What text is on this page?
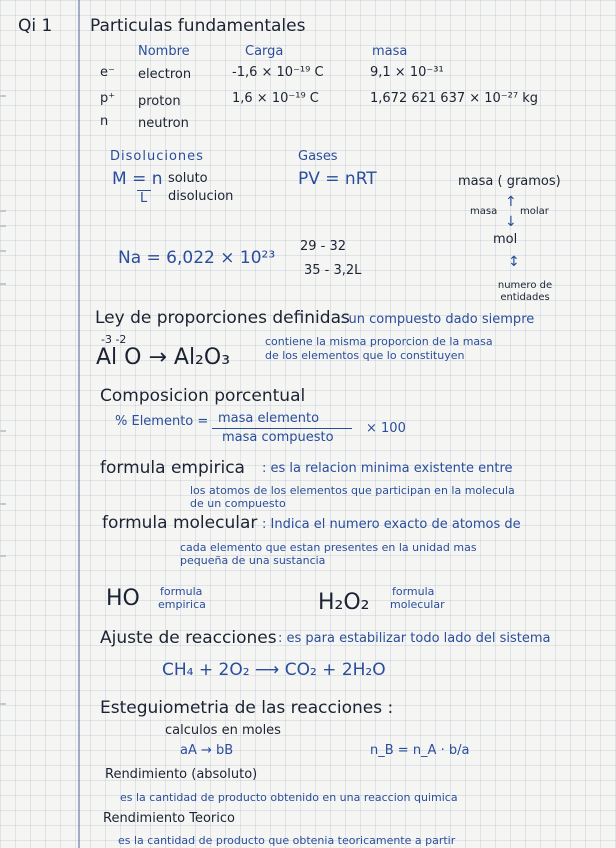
Qi 1 Particulas fundamentales
Nombre	Carga	masa
e⁻ electron	-1,6 × 10⁻¹⁹ C	9,1 × 10⁻³¹
p⁺ proton	1,6 × 10⁻¹⁹ C	1,672 621 637 × 10⁻²⁷ kg
n neutron
Disoluciones
M = n
L
soluto
disolucion
Na = 6,022 × 10²³
Gases
PV = nRT
29 - 32
35 - 3,2L
masa ( gramos)
↑
masa molar
↓
mol
↕
numero de entidades
Ley de proporciones definidas
: un compuesto dado siempre
contiene la misma proporcion de la masa
de los elementos que lo constituyen
-3 -2
Al O → Al₂O₃
Composicion porcentual
% Elemento = masa elemento
masa compuesto
× 100
formula empirica : es la relacion minima existente entre
los atomos de los elementos que participan en la molecula
de un compuesto
formula molecular : Indica el numero exacto de atomos de
cada elemento que estan presentes en la unidad mas
pequeña de una sustancia
HO formula
empirica	H₂O₂ formula
molecular
Ajuste de reacciones : es para estabilizar todo lado del sistema
CH₄ + 2O₂ ⟶ CO₂ + 2H₂O
Esteguiometria de las reacciones :
calculos en moles
aA → bB	n_B = n_A · b/a
Rendimiento (absoluto)
es la cantidad de producto obtenido en una reaccion quimica
Rendimiento Teorico
es la cantidad de producto que obtenia teoricamente a partir
